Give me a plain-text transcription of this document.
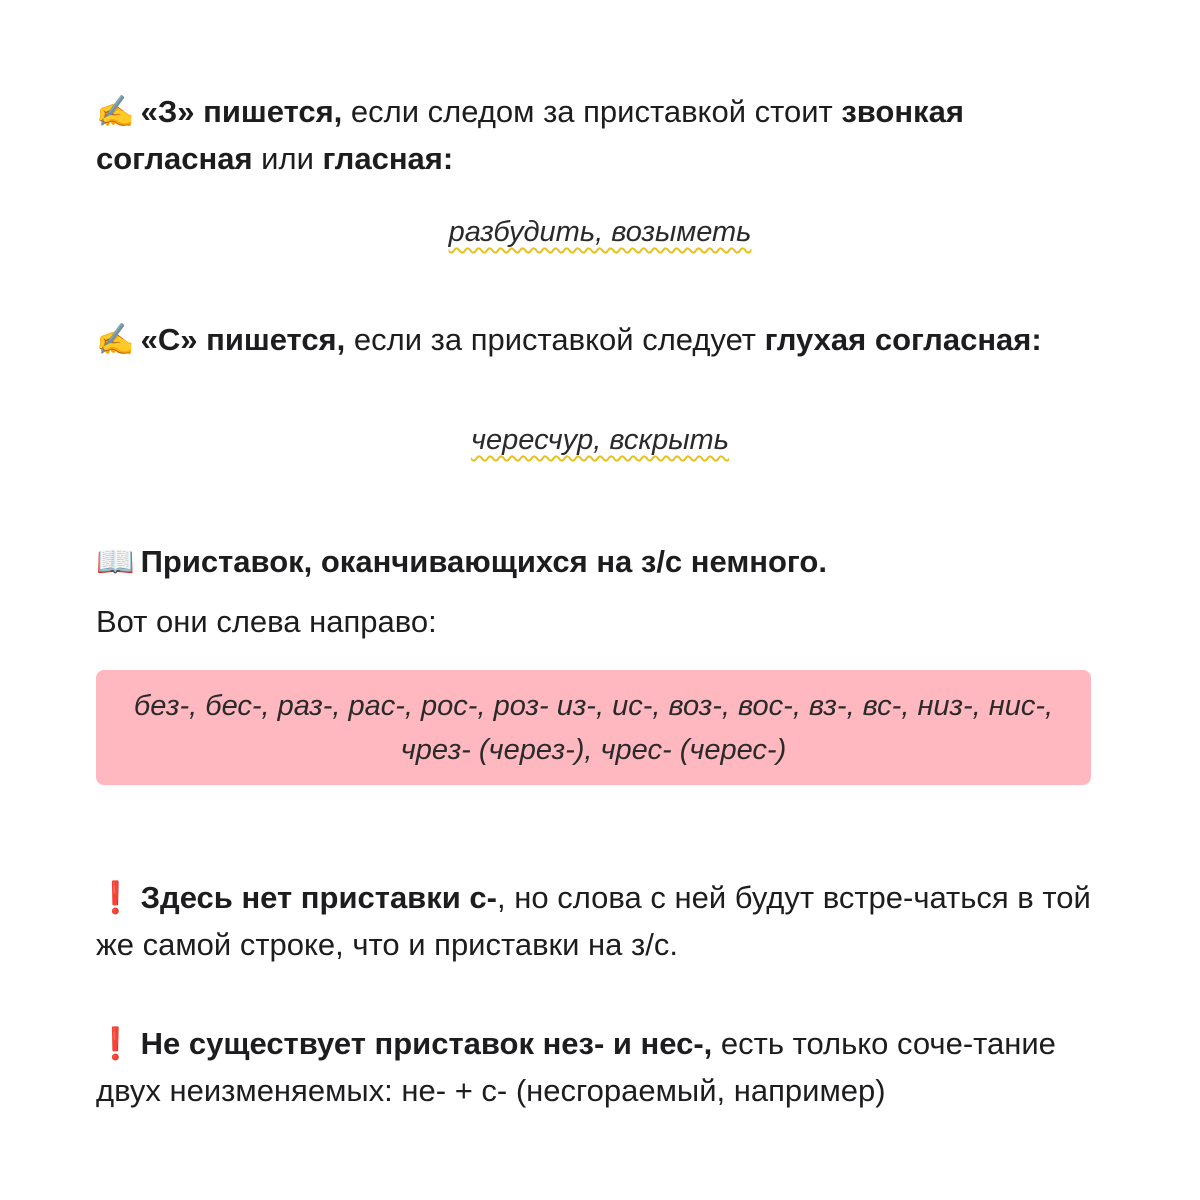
✍️ «З» пишется, если следом за приставкой стоит звонкая согласная или гласная:
разбудить, возыметь
✍️ «С» пишется, если за приставкой следует глухая согласная:
чересчур, вскрыть
📖 Приставок, оканчивающихся на з/с немного.
Вот они слева направо:

без-, бес-, раз-, рас-, рос-, роз- из-, ис-, воз-, вос-, вз-, вс-, низ-, нис-, чрез- (через-), чрес- (черес-)

❗ Здесь нет приставки с-, но слова с ней будут встре-чаться в той же самой строке, что и приставки на з/с.
❗ Не существует приставок нез- и нес-, есть только соче-тание двух неизменяемых: не- + с- (несгораемый, например)
